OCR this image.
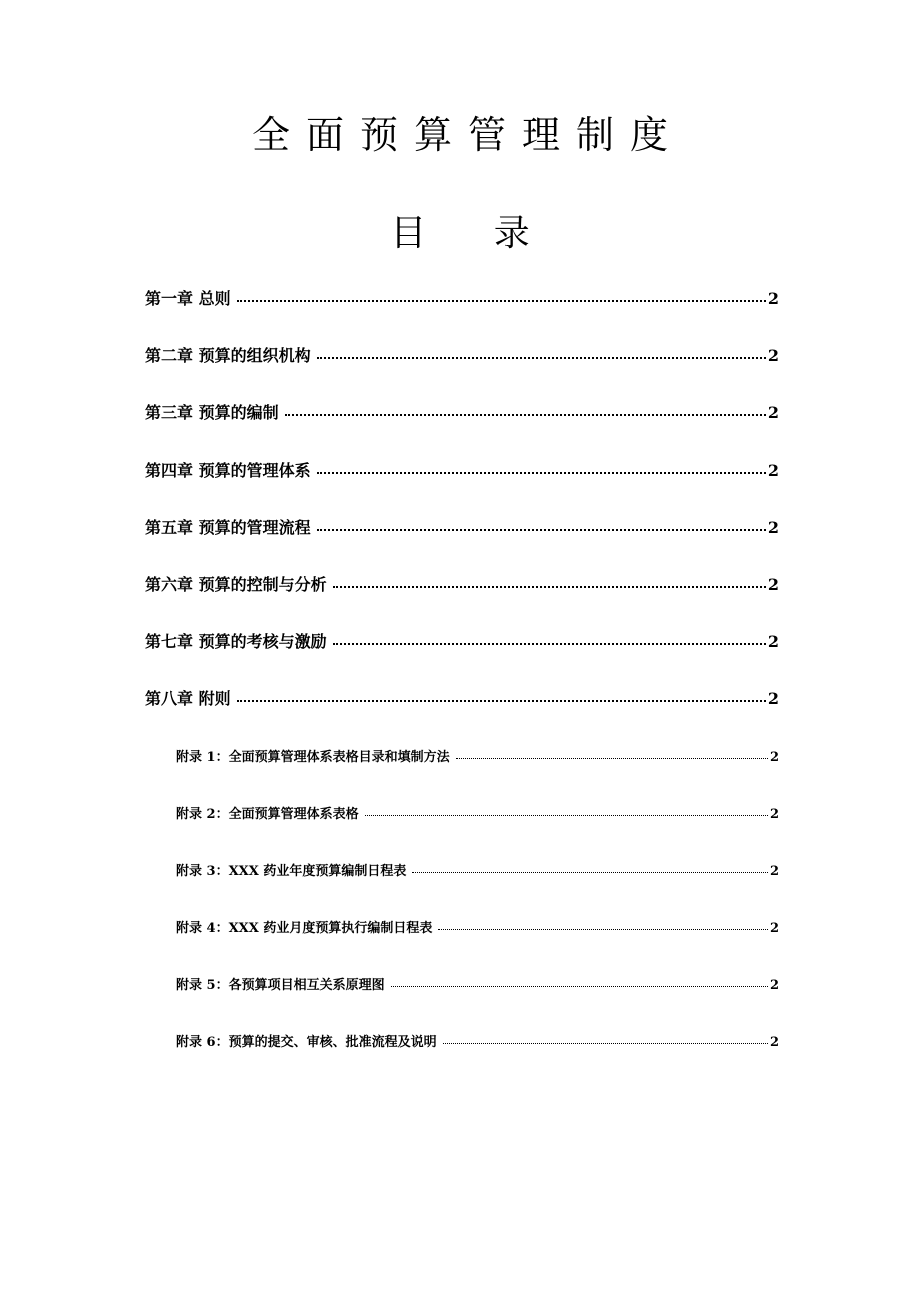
全面预算管理制度
目 录
第一章 总则	2
第二章 预算的组织机构	2
第三章 预算的编制	2
第四章 预算的管理体系	2
第五章 预算的管理流程	2
第六章 预算的控制与分析	2
第七章 预算的考核与激励	2
第八章 附则	2
附录 1：全面预算管理体系表格目录和填制方法	2
附录 2：全面预算管理体系表格	2
附录 3：XXX 药业年度预算编制日程表	2
附录 4：XXX 药业月度预算执行编制日程表	2
附录 5：各预算项目相互关系原理图	2
附录 6：预算的提交、审核、批准流程及说明	2
